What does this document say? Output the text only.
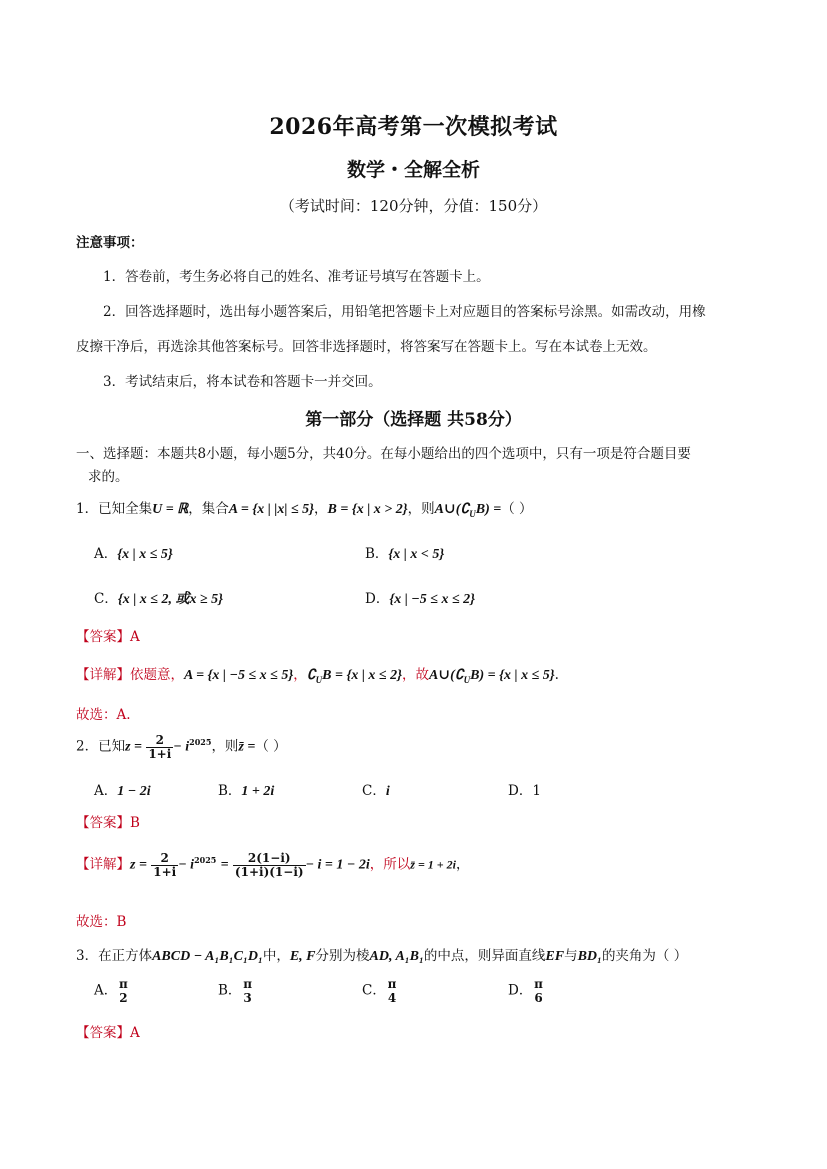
2026年高考第一次模拟考试
数学・全解全析
（考试时间：120分钟，分值：150分）
注意事项：
1．答卷前，考生务必将自己的姓名、准考证号填写在答题卡上。
2．回答选择题时，选出每小题答案后，用铅笔把答题卡上对应题目的答案标号涂黑。如需改动，用橡
皮擦干净后，再选涂其他答案标号。回答非选择题时，将答案写在答题卡上。写在本试卷上无效。
3．考试结束后，将本试卷和答题卡一并交回。
第一部分（选择题 共58分）
一、选择题：本题共8小题，每小题5分，共40分。在每小题给出的四个选项中，只有一项是符合题目要
求的。
1．已知全集U = ℝ，集合A = {x | |x| ≤ 5}，B = {x | x > 2}，则$A\cup(∁_UB)$ =（ ）
A．{x | x ≤ 5}	B．{x | x < 5}
C．{x | x ≤ 2, 或x ≥ 5}	D．{x | −5 ≤ x ≤ 2}
【答案】A
【详解】依题意，A = {x | −5 ≤ x ≤ 5}，$∁_UB = \{x$ | x ≤ 2}，故$A\cup(∁_UB) = \{x$ | x ≤ 5}.
故选：A.
2．已知$z = \frac{2}{1+i} - i^{2025}$，则z̄ =（ ）
A．1 − 2i	B．1 + 2i	C．i	D．1
【答案】B
【详解】$z = \frac{2}{1+i} - i^{2025} = \frac{2(1-i)}{(1+i)(1-i)} - i = 1 - 2i$，所以z̄ = 1 + 2i，
故选：B
3．在正方体ABCD − A₁B₁C₁D₁中，E, F分别为棱AD, A₁B₁的中点，则异面直线EF与BD₁的夹角为（ ）
A． π
2	B． π
3	C． π
4	D． π
6
【答案】A
